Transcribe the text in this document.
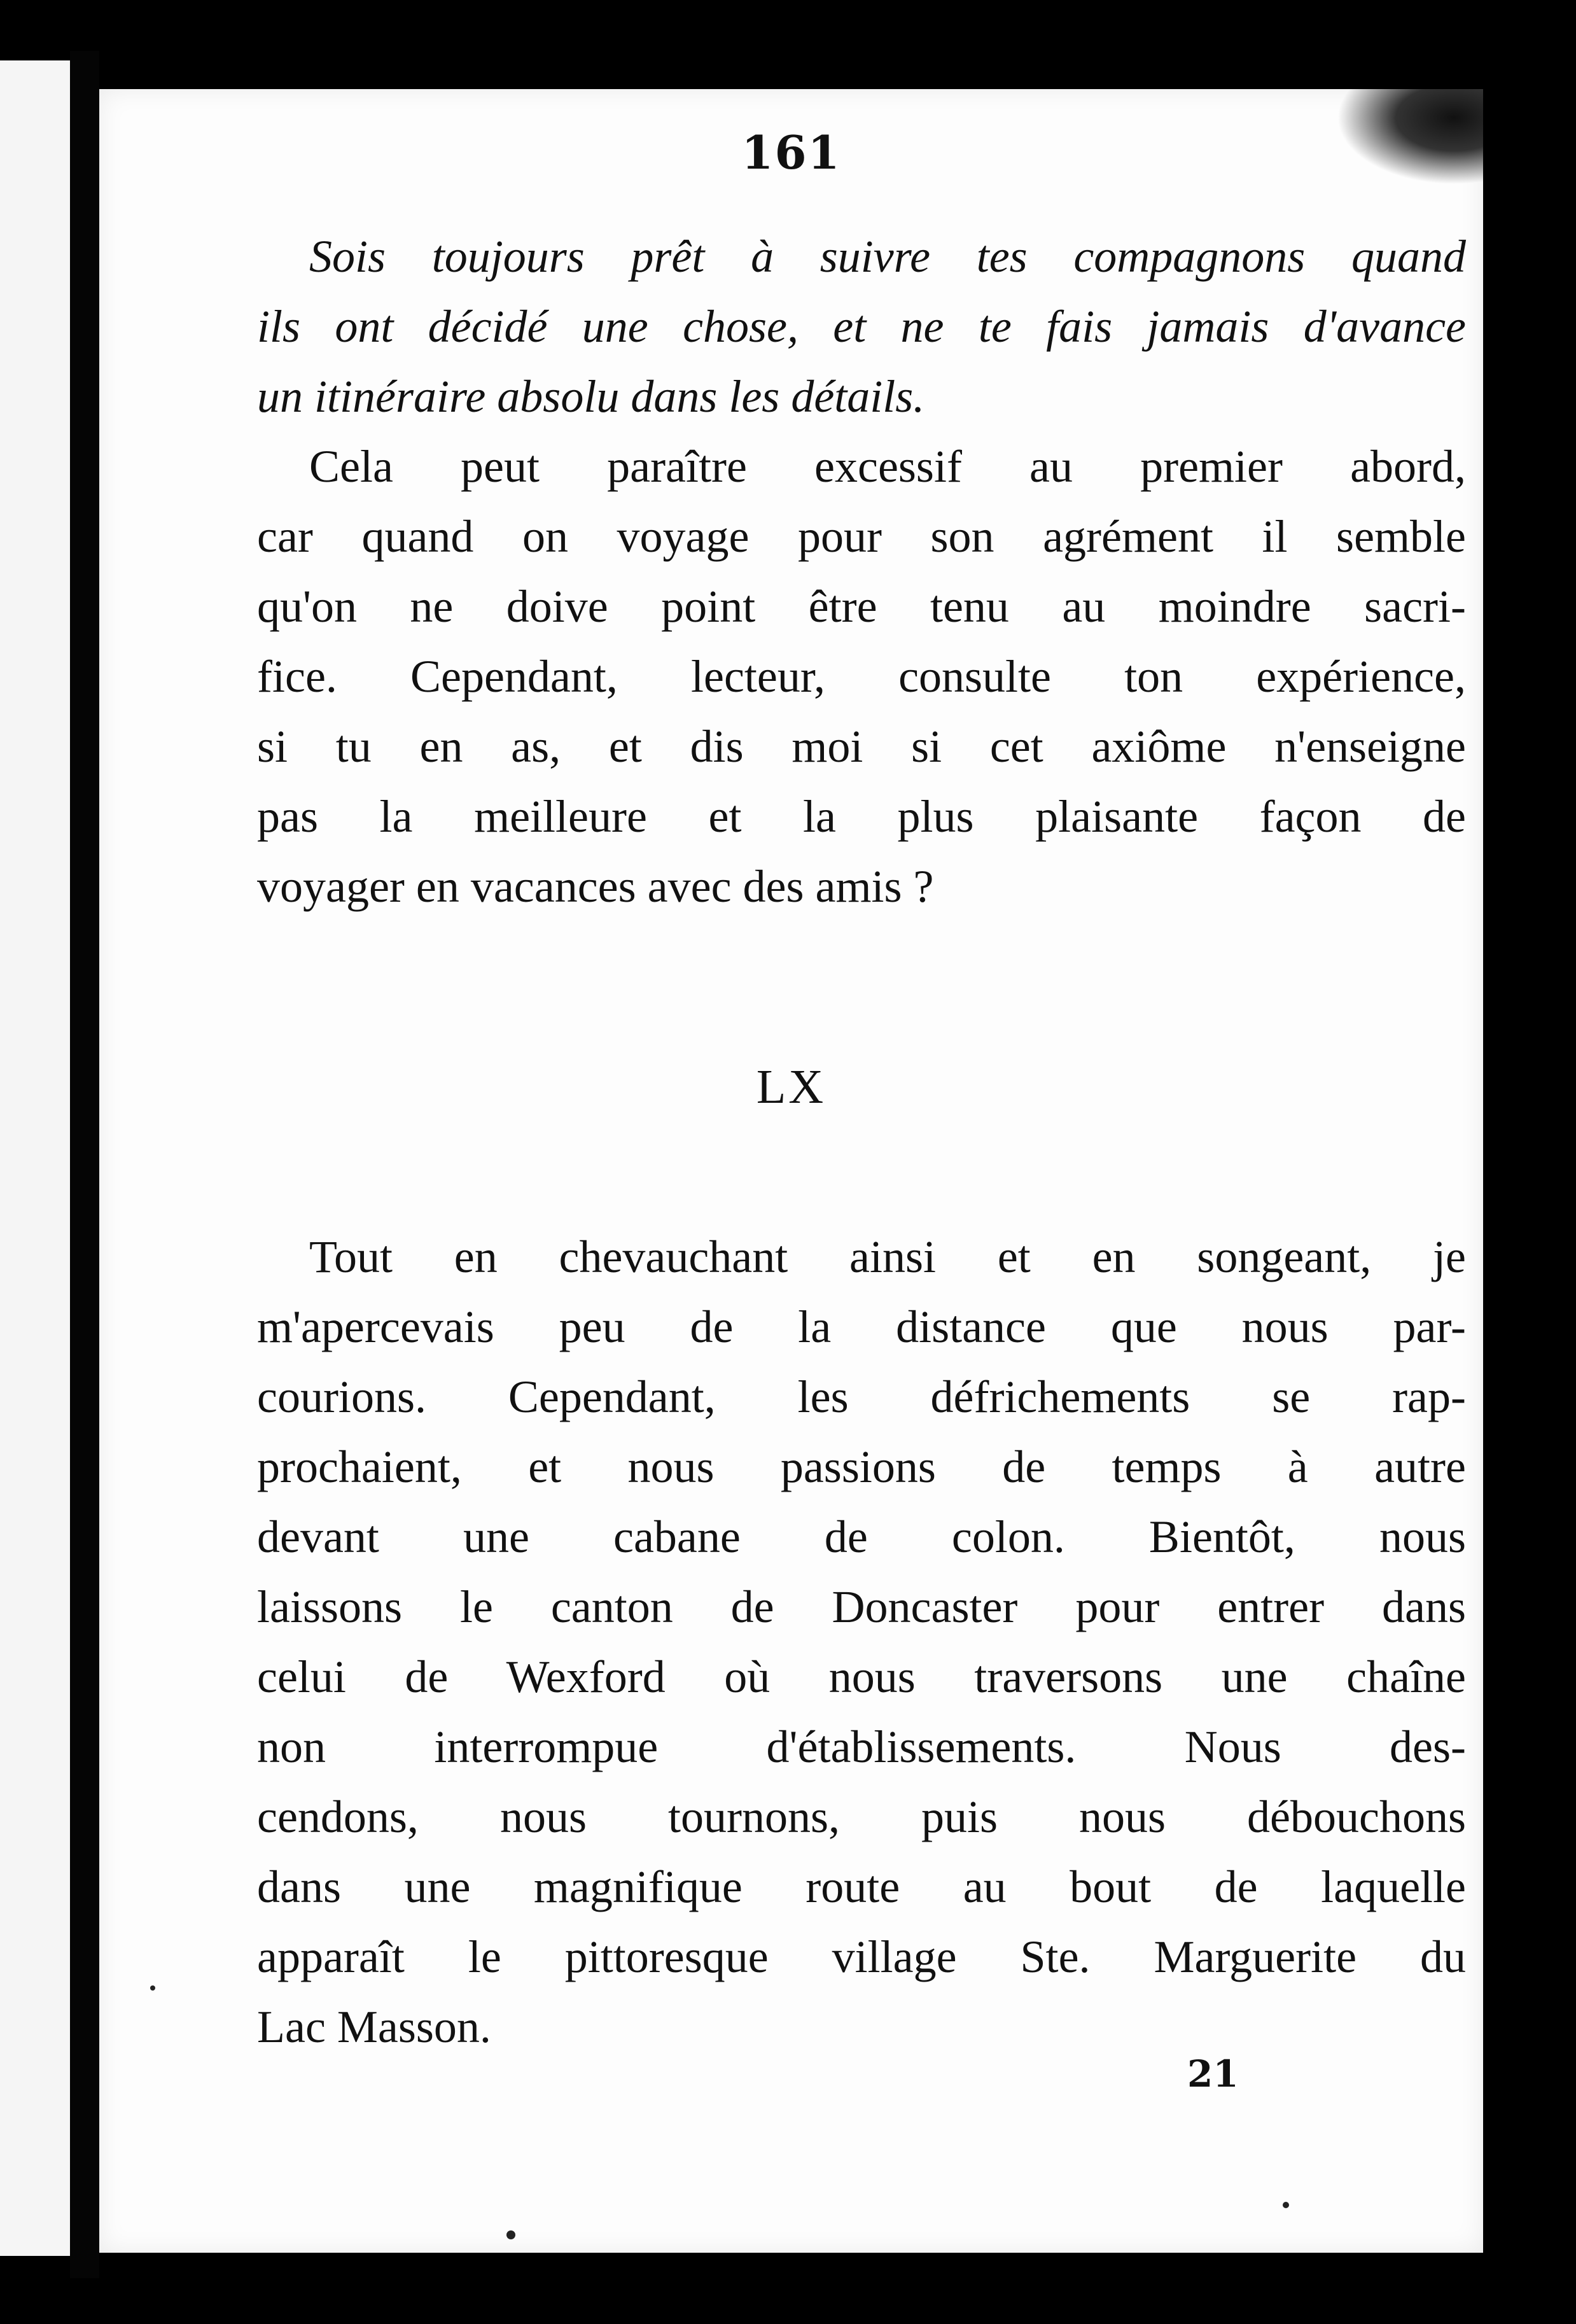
161

Sois toujours prêt à suivre tes compagnons quand
ils ont décidé une chose, et ne te fais jamais d'avance
un itinéraire absolu dans les détails.

Cela peut paraître excessif au premier abord,
car quand on voyage pour son agrément il semble
qu'on ne doive point être tenu au moindre sacri-
fice. Cependant, lecteur, consulte ton expérience,
si tu en as, et dis moi si cet axiôme n'enseigne
pas la meilleure et la plus plaisante façon de
voyager en vacances avec des amis ?

LX

Tout en chevauchant ainsi et en songeant, je
m'apercevais peu de la distance que nous par-
courions. Cependant, les défrichements se rap-
prochaient, et nous passions de temps à autre
devant une cabane de colon. Bientôt, nous
laissons le canton de Doncaster pour entrer dans
celui de Wexford où nous traversons une chaîne
non interrompue d'établissements. Nous des-
cendons, nous tournons, puis nous débouchons
dans une magnifique route au bout de laquelle
apparaît le pittoresque village Ste. Marguerite du
Lac Masson.

21
